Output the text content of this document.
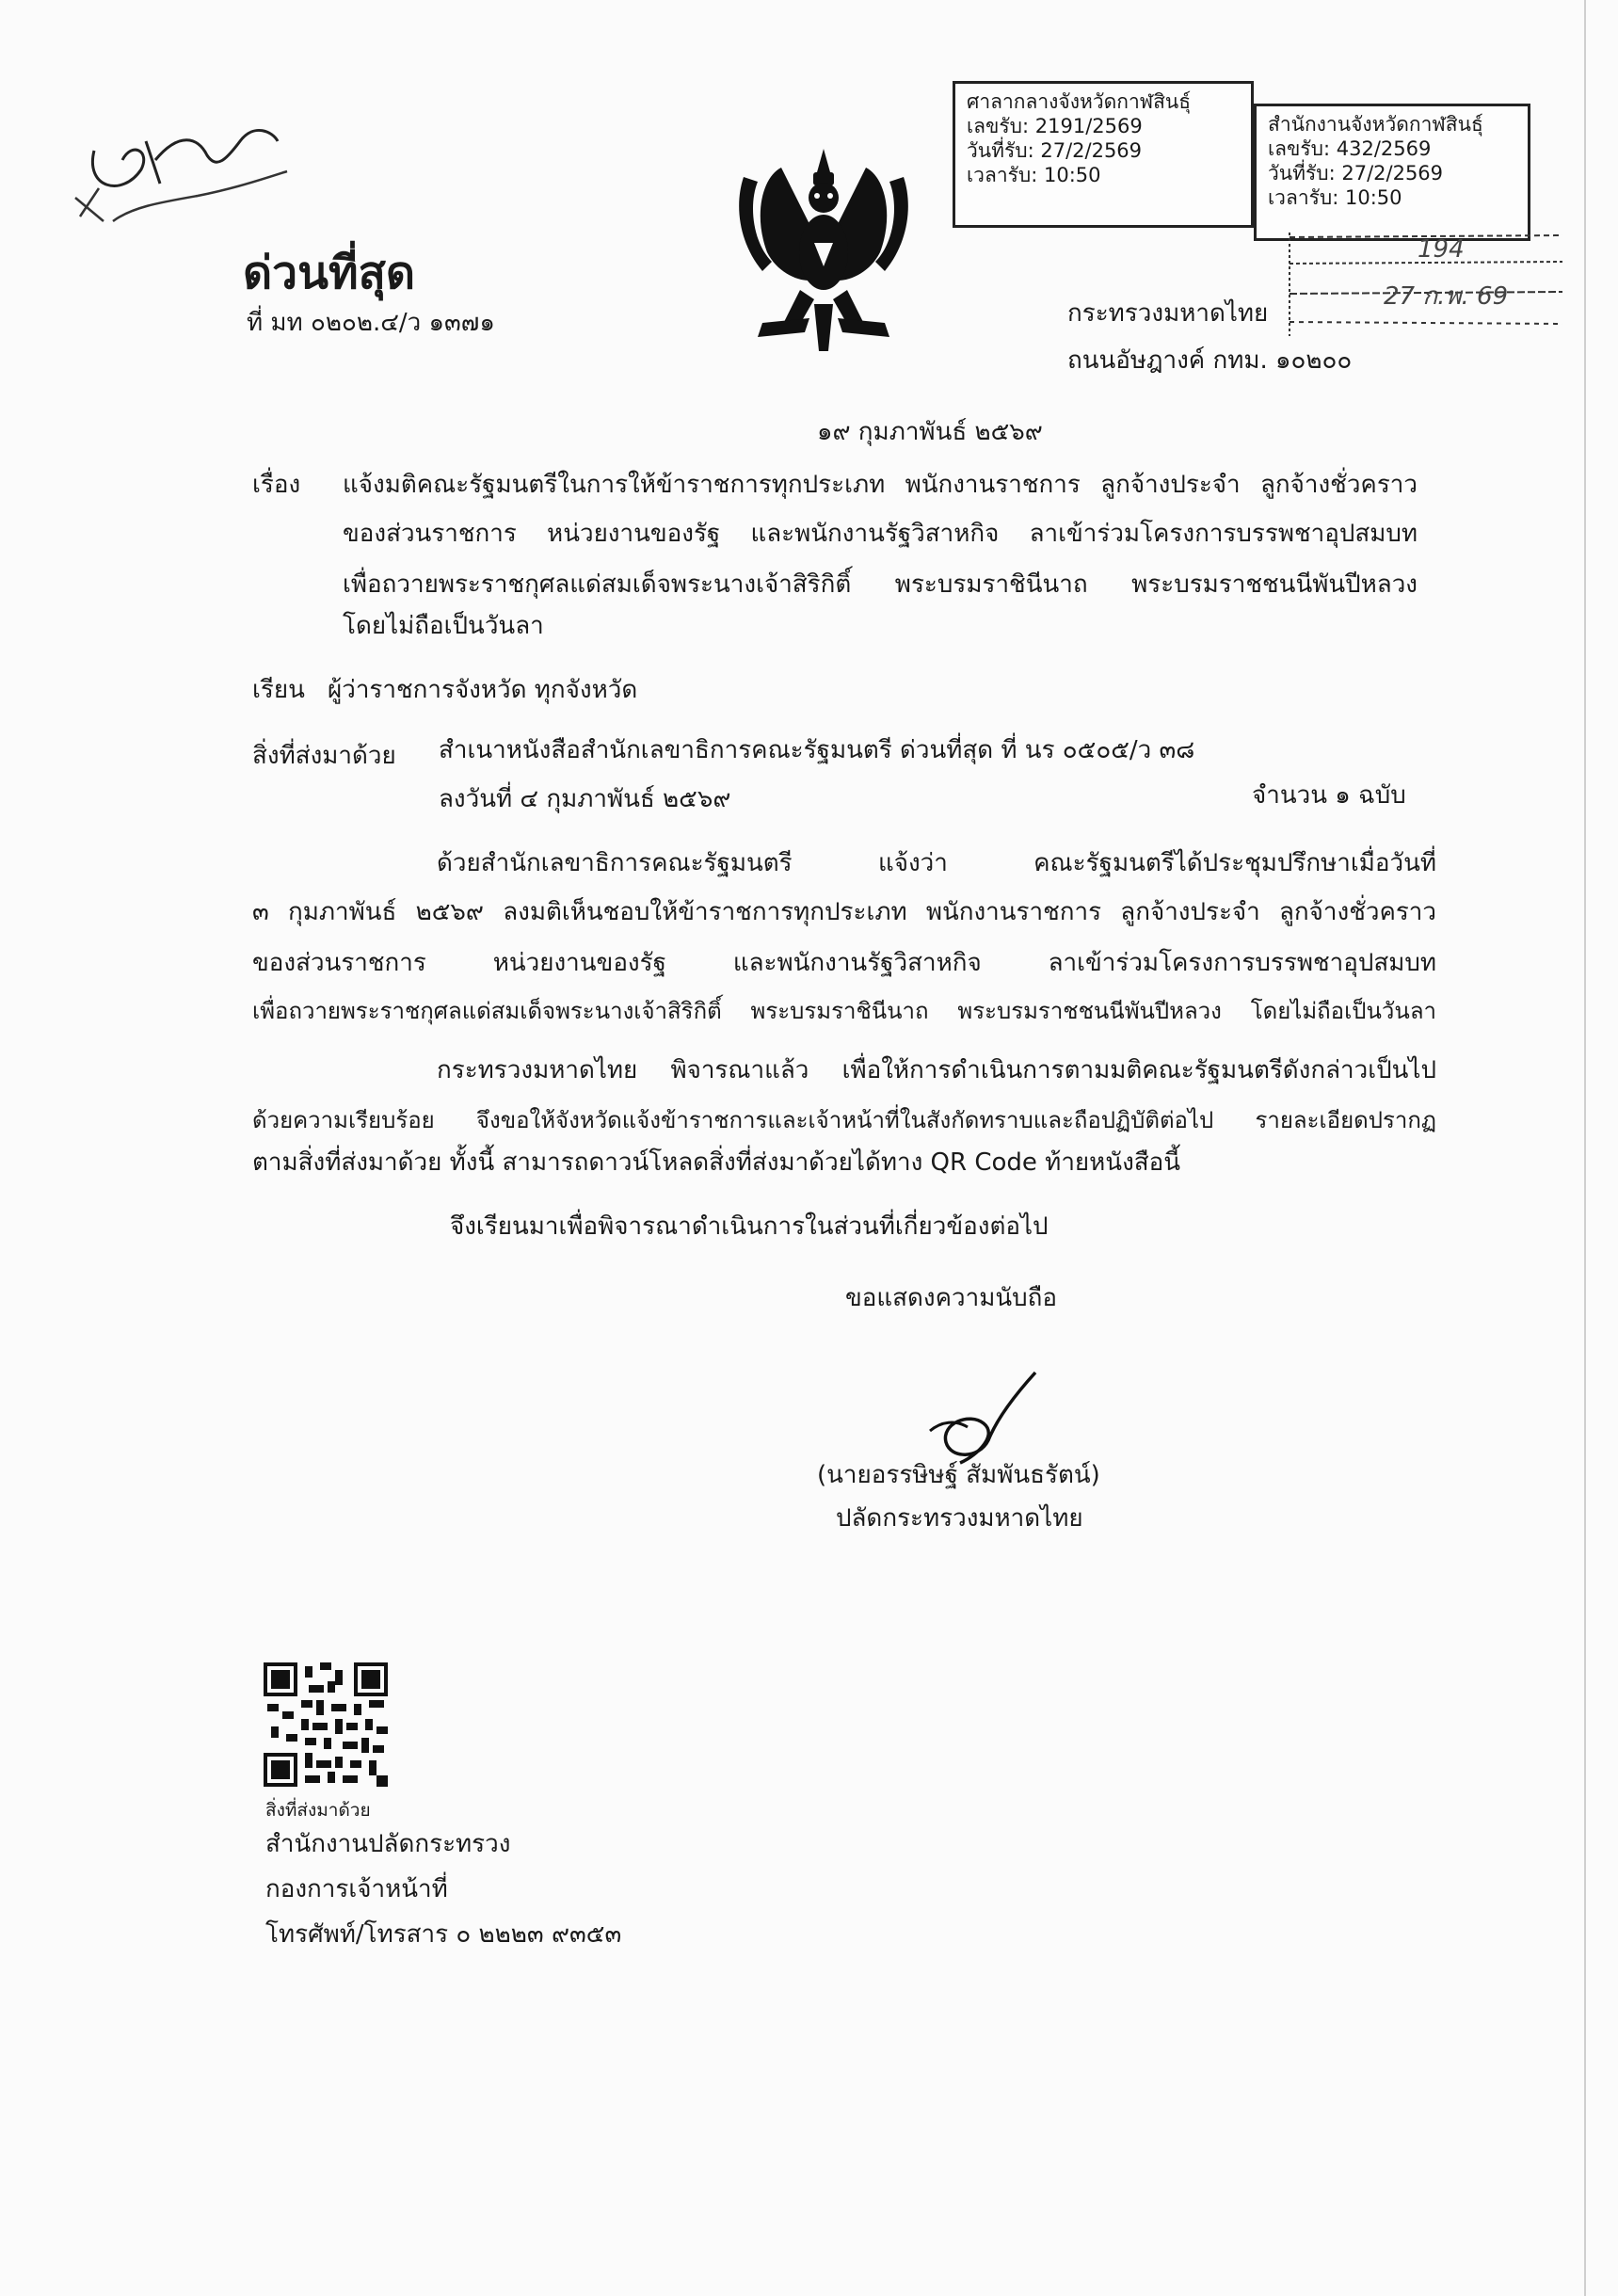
ศาลากลางจังหวัดกาฬสินธุ์
เลขรับ: 2191/2569
วันที่รับ: 27/2/2569
เวลารับ: 10:50
สำนักงานจังหวัดกาฬสินธุ์
เลขรับ: 432/2569
วันที่รับ: 27/2/2569
เวลารับ: 10:50
194
27 ก.พ. 69
ด่วนที่สุด
ที่ มท ๐๒๐๒.๔/ว ๑๓๗๑	กระทรวงมหาดไทย
ถนนอัษฎางค์ กทม. ๑๐๒๐๐
๑๙ กุมภาพันธ์ ๒๕๖๙
เรื่อง แจ้งมติคณะรัฐมนตรีในการให้ข้าราชการทุกประเภท พนักงานราชการ ลูกจ้างประจำ ลูกจ้างชั่วคราว
ของส่วนราชการ หน่วยงานของรัฐ และพนักงานรัฐวิสาหกิจ ลาเข้าร่วมโครงการบรรพชาอุปสมบท
เพื่อถวายพระราชกุศลแด่สมเด็จพระนางเจ้าสิริกิติ์ พระบรมราชินีนาถ พระบรมราชชนนีพันปีหลวง
โดยไม่ถือเป็นวันลา
เรียน ผู้ว่าราชการจังหวัด ทุกจังหวัด
สิ่งที่ส่งมาด้วย สำเนาหนังสือสำนักเลขาธิการคณะรัฐมนตรี ด่วนที่สุด ที่ นร ๐๕๐๕/ว ๓๘
ลงวันที่ ๔ กุมภาพันธ์ ๒๕๖๙	จำนวน ๑ ฉบับ
ด้วยสำนักเลขาธิการคณะรัฐมนตรี แจ้งว่า คณะรัฐมนตรีได้ประชุมปรึกษาเมื่อวันที่
๓ กุมภาพันธ์ ๒๕๖๙ ลงมติเห็นชอบให้ข้าราชการทุกประเภท พนักงานราชการ ลูกจ้างประจำ ลูกจ้างชั่วคราว
ของส่วนราชการ หน่วยงานของรัฐ และพนักงานรัฐวิสาหกิจ ลาเข้าร่วมโครงการบรรพชาอุปสมบท
เพื่อถวายพระราชกุศลแด่สมเด็จพระนางเจ้าสิริกิติ์ พระบรมราชินีนาถ พระบรมราชชนนีพันปีหลวง โดยไม่ถือเป็นวันลา
กระทรวงมหาดไทย พิจารณาแล้ว เพื่อให้การดำเนินการตามมติคณะรัฐมนตรีดังกล่าวเป็นไป
ด้วยความเรียบร้อย จึงขอให้จังหวัดแจ้งข้าราชการและเจ้าหน้าที่ในสังกัดทราบและถือปฏิบัติต่อไป รายละเอียดปรากฏ
ตามสิ่งที่ส่งมาด้วย ทั้งนี้ สามารถดาวน์โหลดสิ่งที่ส่งมาด้วยได้ทาง QR Code ท้ายหนังสือนี้
จึงเรียนมาเพื่อพิจารณาดำเนินการในส่วนที่เกี่ยวข้องต่อไป
ขอแสดงความนับถือ
(นายอรรษิษฐ์ สัมพันธรัตน์)
ปลัดกระทรวงมหาดไทย
สิ่งที่ส่งมาด้วย
สำนักงานปลัดกระทรวง
กองการเจ้าหน้าที่
โทรศัพท์/โทรสาร ๐ ๒๒๒๓ ๙๓๕๓
